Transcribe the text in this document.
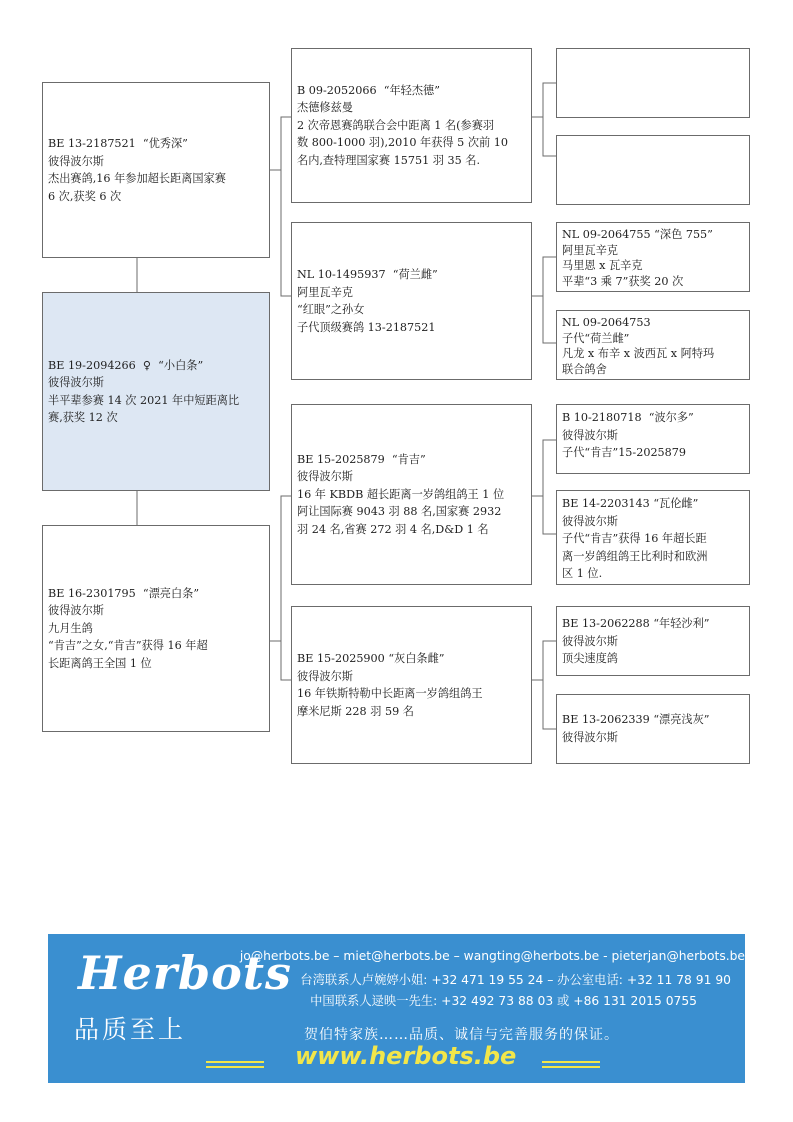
BE 13-2187521  “优秀深”
彼得波尔斯
杰出赛鸽,16 年参加超长距离国家赛
6 次,获奖 6 次
BE 19-2094266  ♀  “小白条”
彼得波尔斯
半平辈参赛 14 次 2021 年中短距离比
赛,获奖 12 次
BE 16-2301795  “漂亮白条”
彼得波尔斯
九月生鸽
“肯吉”之女,“肯吉”获得 16 年超
长距离鸽王全国 1 位
B 09-2052066  “年轻杰德”
杰德修兹曼
2 次帝恩赛鸽联合会中距离 1 名(参赛羽
数 800-1000 羽),2010 年获得 5 次前 10
名内,查特理国家赛 15751 羽 35 名.
NL 10-1495937  “荷兰雌”
阿里瓦辛克
“红眼”之孙女
子代顶级赛鸽 13-2187521
BE 15-2025879  “肯吉”
彼得波尔斯
16 年 KBDB 超长距离一岁鸽组鸽王 1 位
阿让国际赛 9043 羽 88 名,国家赛 2932
羽 24 名,省赛 272 羽 4 名,D&D 1 名
BE 15-2025900 “灰白条雌”
彼得波尔斯
16 年铁斯特勒中长距离一岁鸽组鸽王
摩米尼斯 228 羽 59 名
NL 09-2064755 “深色 755”
阿里瓦辛克
马里恩 x 瓦辛克
平辈“3 乘 7”获奖 20 次
NL 09-2064753
子代“荷兰雌”
凡龙 x 布辛 x 波西瓦 x 阿特玛
联合鸽舍
B 10-2180718  “波尔多”
彼得波尔斯
子代“肯吉”15-2025879
BE 14-2203143 “瓦伦雌”
彼得波尔斯
子代“肯吉”获得 16 年超长距
离一岁鸽组鸽王比利时和欧洲
区 1 位.
BE 13-2062288 “年轻沙利”
彼得波尔斯
顶尖速度鸽
BE 13-2062339 “漂亮浅灰”
彼得波尔斯
Herbots
品质至上
jo@herbots.be – miet@herbots.be – wangting@herbots.be - pieterjan@herbots.be
台湾联系人卢婉婷小姐: +32 471 19 55 24 – 办公室电话: +32 11 78 91 90
中国联系人逯映一先生: +32 492 73 88 03 或 +86 131 2015 0755
贺伯特家族……品质、诚信与完善服务的保证。
www.herbots.be
